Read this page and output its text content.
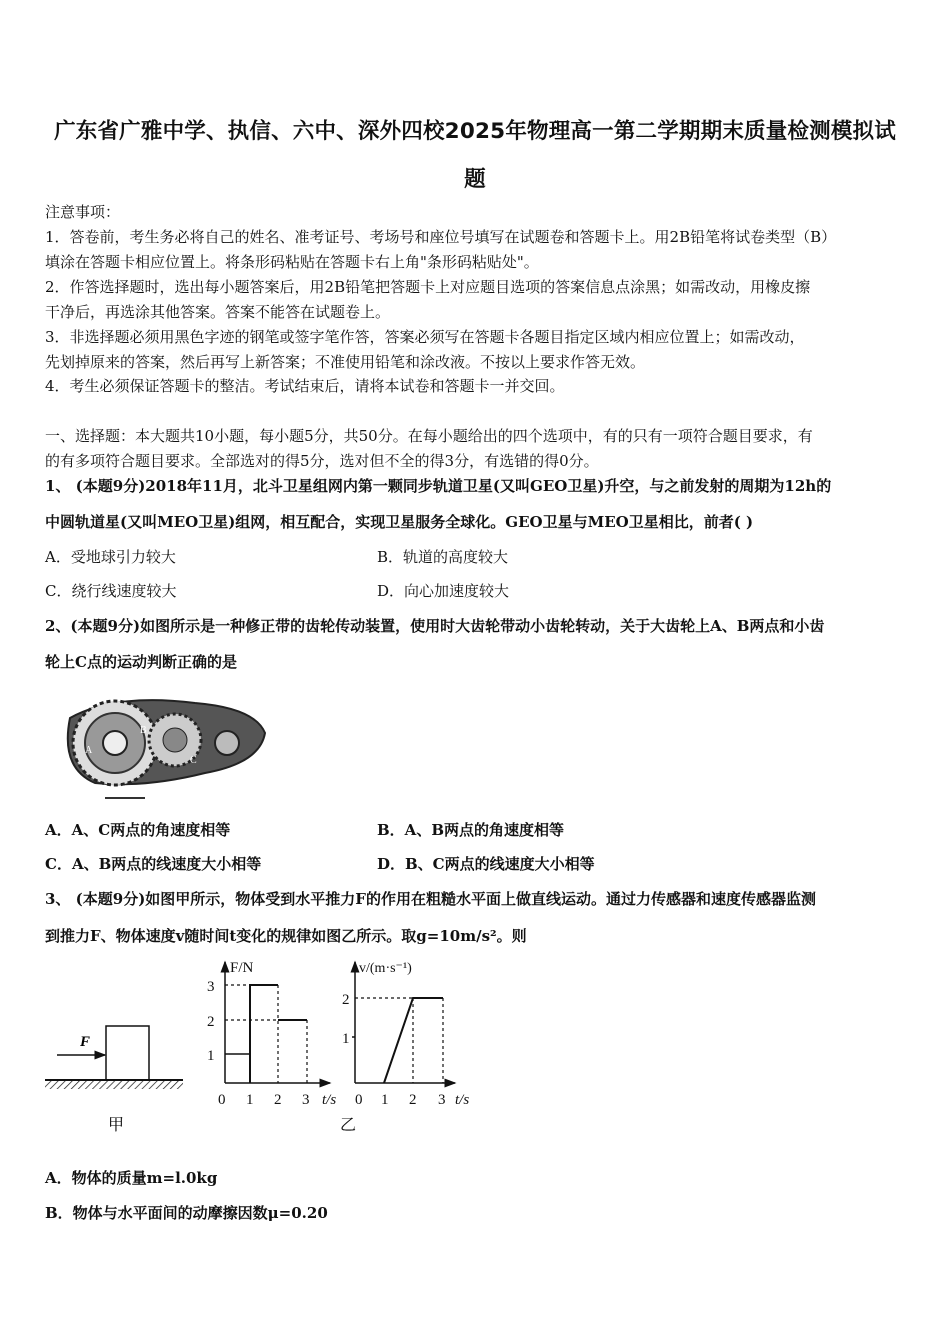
广东省广雅中学、执信、六中、深外四校2025年物理高一第二学期期末质量检测模拟试
题
注意事项：
1．答卷前，考生务必将自己的姓名、准考证号、考场号和座位号填写在试题卷和答题卡上。用2B铅笔将试卷类型（B）
填涂在答题卡相应位置上。将条形码粘贴在答题卡右上角"条形码粘贴处"。
2．作答选择题时，选出每小题答案后，用2B铅笔把答题卡上对应题目选项的答案信息点涂黑；如需改动，用橡皮擦
干净后，再选涂其他答案。答案不能答在试题卷上。
3．非选择题必须用黑色字迹的钢笔或签字笔作答，答案必须写在答题卡各题目指定区域内相应位置上；如需改动，
先划掉原来的答案，然后再写上新答案；不准使用铅笔和涂改液。不按以上要求作答无效。
4．考生必须保证答题卡的整洁。考试结束后，请将本试卷和答题卡一并交回。
一、选择题：本大题共10小题，每小题5分，共50分。在每小题给出的四个选项中，有的只有一项符合题目要求，有
的有多项符合题目要求。全部选对的得5分，选对但不全的得3分，有选错的得0分。
1、 (本题9分)2018年11月，北斗卫星组网内第一颗同步轨道卫星(又叫GEO卫星)升空，与之前发射的周期为12h的
中圆轨道星(又叫MEO卫星)组网，相互配合，实现卫星服务全球化。GEO卫星与MEO卫星相比，前者( )
A．受地球引力较大	B．轨道的高度较大
C．绕行线速度较大	D．向心加速度较大
2、(本题9分)如图所示是一种修正带的齿轮传动装置，使用时大齿轮带动小齿轮转动，关于大齿轮上A、B两点和小齿
轮上C点的运动判断正确的是
A
B
C
A．A、C两点的角速度相等	B．A、B两点的角速度相等
C．A、B两点的线速度大小相等	D．B、C两点的线速度大小相等
3、 (本题9分)如图甲所示，物体受到水平推力F的作用在粗糙水平面上做直线运动。通过力传感器和速度传感器监测
到推力F、物体速度v随时间t变化的规律如图乙所示。取g=10m/s²。则
F
甲
F/N
1
2
3
0 1 2 3 t/s
v/(m·s⁻¹)
1
2
0 1 2 3 t/s
乙
A．物体的质量m=l.0kg
B．物体与水平面间的动摩擦因数μ=0.20
